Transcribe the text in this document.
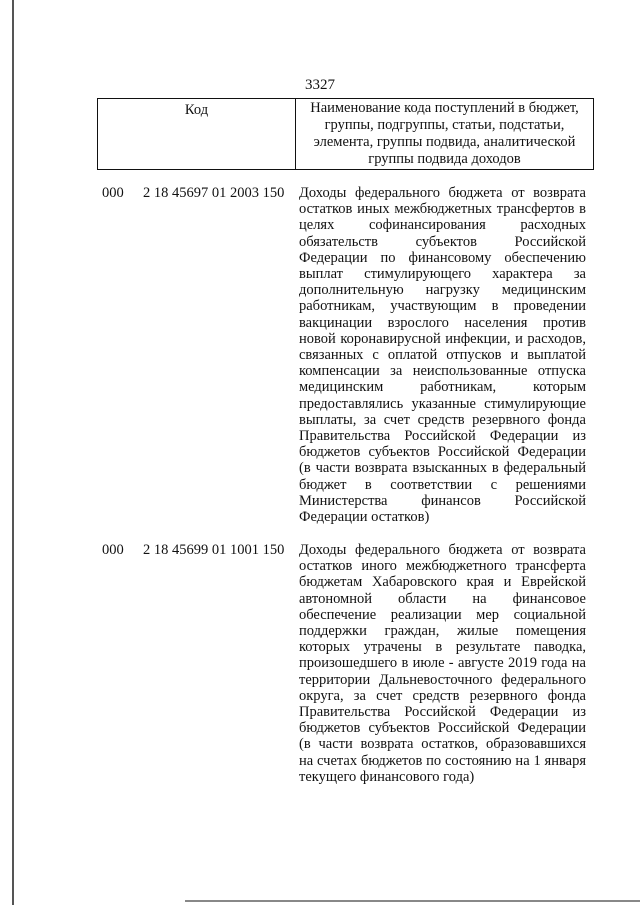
3327
Код	Наименование кода поступлений в бюджет, группы, подгруппы, статьи, подстатьи, элемента, группы подвида, аналитической группы подвида доходов
000 2 18 45697 01 2003 150 Доходы федерального бюджета от возврата остатков иных межбюджетных трансфертов в целях софинансирования расходных обязательств субъектов Российской Федерации по финансовому обеспечению выплат стимулирующего характера за дополнительную нагрузку медицинским работникам, участвующим в проведении вакцинации взрослого населения против новой коронавирусной инфекции, и расходов, связанных с оплатой отпусков и выплатой компенсации за неиспользованные отпуска медицинским работникам, которым предоставлялись указанные стимулирующие выплаты, за счет средств резервного фонда Правительства Российской Федерации из бюджетов субъектов Российской Федерации (в части возврата взысканных в федеральный бюджет в соответствии с решениями Министерства финансов Российской Федерации остатков)
000 2 18 45699 01 1001 150 Доходы федерального бюджета от возврата остатков иного межбюджетного трансферта бюджетам Хабаровского края и Еврейской автономной области на финансовое обеспечение реализации мер социальной поддержки граждан, жилые помещения которых утрачены в результате паводка, произошедшего в июле - августе 2019 года на территории Дальневосточного федерального округа, за счет средств резервного фонда Правительства Российской Федерации из бюджетов субъектов Российской Федерации (в части возврата остатков, образовавшихся на счетах бюджетов по состоянию на 1 января текущего финансового года)
